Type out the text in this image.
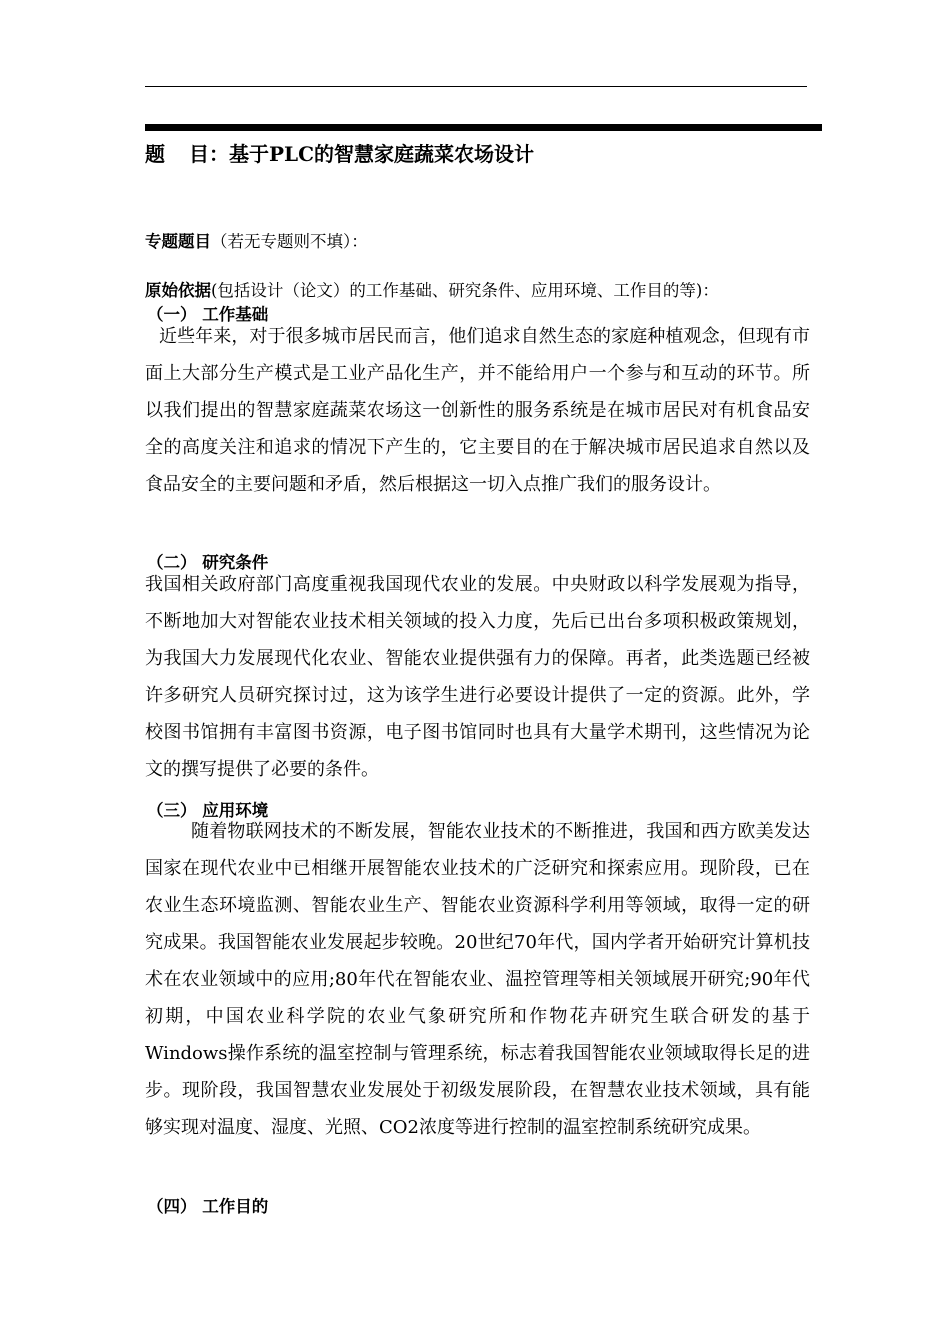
题 目：基于PLC的智慧家庭蔬菜农场设计
专题题目（若无专题则不填）：
原始依据(包括设计（论文）的工作基础、研究条件、应用环境、工作目的等)：
（一） 工作基础
近些年来，对于很多城市居民而言，他们追求自然生态的家庭种植观念，但现有市面上大部分生产模式是工业产品化生产，并不能给用户一个参与和互动的环节。所以我们提出的智慧家庭蔬菜农场这一创新性的服务系统是在城市居民对有机食品安全的高度关注和追求的情况下产生的，它主要目的在于解决城市居民追求自然以及食品安全的主要问题和矛盾，然后根据这一切入点推广我们的服务设计。
（二） 研究条件
我国相关政府部门高度重视我国现代农业的发展。中央财政以科学发展观为指导，不断地加大对智能农业技术相关领域的投入力度，先后已出台多项积极政策规划，为我国大力发展现代化农业、智能农业提供强有力的保障。再者，此类选题已经被许多研究人员研究探讨过，这为该学生进行必要设计提供了一定的资源。此外，学校图书馆拥有丰富图书资源，电子图书馆同时也具有大量学术期刊，这些情况为论文的撰写提供了必要的条件。
（三） 应用环境
随着物联网技术的不断发展，智能农业技术的不断推进，我国和西方欧美发达国家在现代农业中已相继开展智能农业技术的广泛研究和探索应用。现阶段，已在农业生态环境监测、智能农业生产、智能农业资源科学利用等领域，取得一定的研究成果。我国智能农业发展起步较晚。20世纪70年代，国内学者开始研究计算机技术在农业领域中的应用;80年代在智能农业、温控管理等相关领域展开研究;90年代初期，中国农业科学院的农业气象研究所和作物花卉研究生联合研发的基于Windows操作系统的温室控制与管理系统，标志着我国智能农业领域取得长足的进步。现阶段，我国智慧农业发展处于初级发展阶段，在智慧农业技术领域，具有能够实现对温度、湿度、光照、CO2浓度等进行控制的温室控制系统研究成果。
（四） 工作目的
